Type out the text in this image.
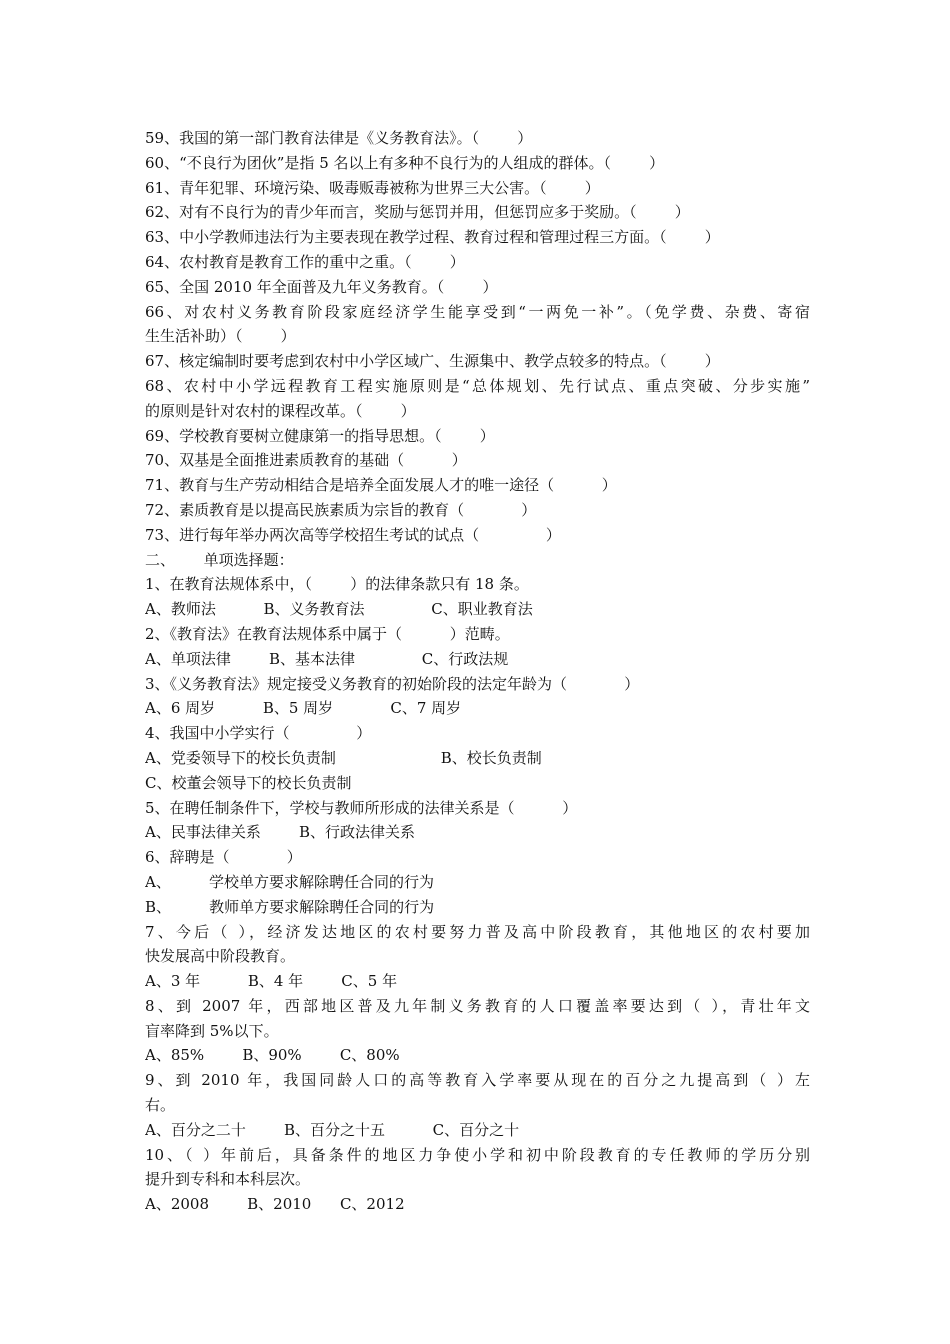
59、我国的第一部门教育法律是《义务教育法》。（        ）
60、“不良行为团伙”是指 5 名以上有多种不良行为的人组成的群体。（        ）
61、青年犯罪、环境污染、吸毒贩毒被称为世界三大公害。（        ）
62、对有不良行为的青少年而言，奖励与惩罚并用，但惩罚应多于奖励。（        ）
63、中小学教师违法行为主要表现在教学过程、教育过程和管理过程三方面。（        ）
64、农村教育是教育工作的重中之重。（        ）
65、全国 2010 年全面普及九年义务教育。（        ）
66、对农村义务教育阶段家庭经济学生能享受到“一两免一补”。（免学费、杂费、寄宿
生生活补助）（        ）
67、核定编制时要考虑到农村中小学区域广、生源集中、教学点较多的特点。（        ）
68、农村中小学远程教育工程实施原则是“总体规划、先行试点、重点突破、分步实施”
的原则是针对农村的课程改革。（        ）
69、学校教育要树立健康第一的指导思想。（        ）
70、双基是全面推进素质教育的基础（          ）
71、教育与生产劳动相结合是培养全面发展人才的唯一途径（          ）
72、素质教育是以提高民族素质为宗旨的教育（            ）
73、进行每年举办两次高等学校招生考试的试点（              ）
二、      单项选择题：
1、在教育法规体系中，（        ）的法律条款只有 18 条。
A、教师法          B、义务教育法              C、职业教育法
2、《教育法》在教育法规体系中属于（          ）范畴。
A、单项法律        B、基本法律              C、行政法规
3、《义务教育法》规定接受义务教育的初始阶段的法定年龄为（            ）
A、6 周岁          B、5 周岁            C、7 周岁
4、我国中小学实行（              ）
A、党委领导下的校长负责制                      B、校长负责制
C、校董会领导下的校长负责制
5、在聘任制条件下，学校与教师所形成的法律关系是（          ）
A、民事法律关系        B、行政法律关系
6、辞聘是（            ）
A、        学校单方要求解除聘任合同的行为
B、        教师单方要求解除聘任合同的行为
7、今后（ ），经济发达地区的农村要努力普及高中阶段教育，其他地区的农村要加
快发展高中阶段教育。
A、3 年          B、4 年        C、5 年
8、到 2007 年，西部地区普及九年制义务教育的人口覆盖率要达到（ ），青壮年文
盲率降到 5%以下。
A、85%        B、90%        C、80%
9、到 2010 年，我国同龄人口的高等教育入学率要从现在的百分之九提高到（ ）左
右。
A、百分之二十        B、百分之十五          C、百分之十
10、（ ）年前后，具备条件的地区力争使小学和初中阶段教育的专任教师的学历分别
提升到专科和本科层次。
A、2008        B、2010      C、2012
